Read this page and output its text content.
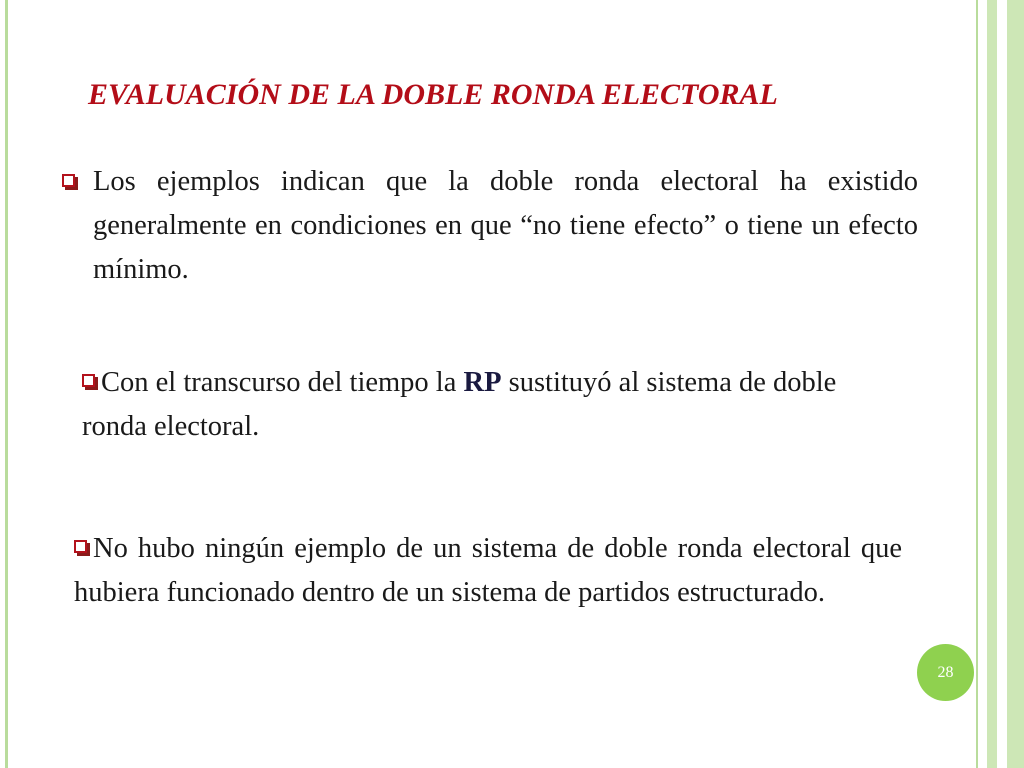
EVALUACIÓN DE LA DOBLE RONDA ELECTORAL

Los ejemplos indican que la doble ronda electoral ha existido generalmente en condiciones en que “no tiene efecto” o tiene un efecto mínimo.

Con el transcurso del tiempo la RP sustituyó al sistema de doble ronda electoral.

No hubo ningún ejemplo de un sistema de doble ronda electoral que hubiera funcionado dentro de un sistema de partidos estructurado.

28
